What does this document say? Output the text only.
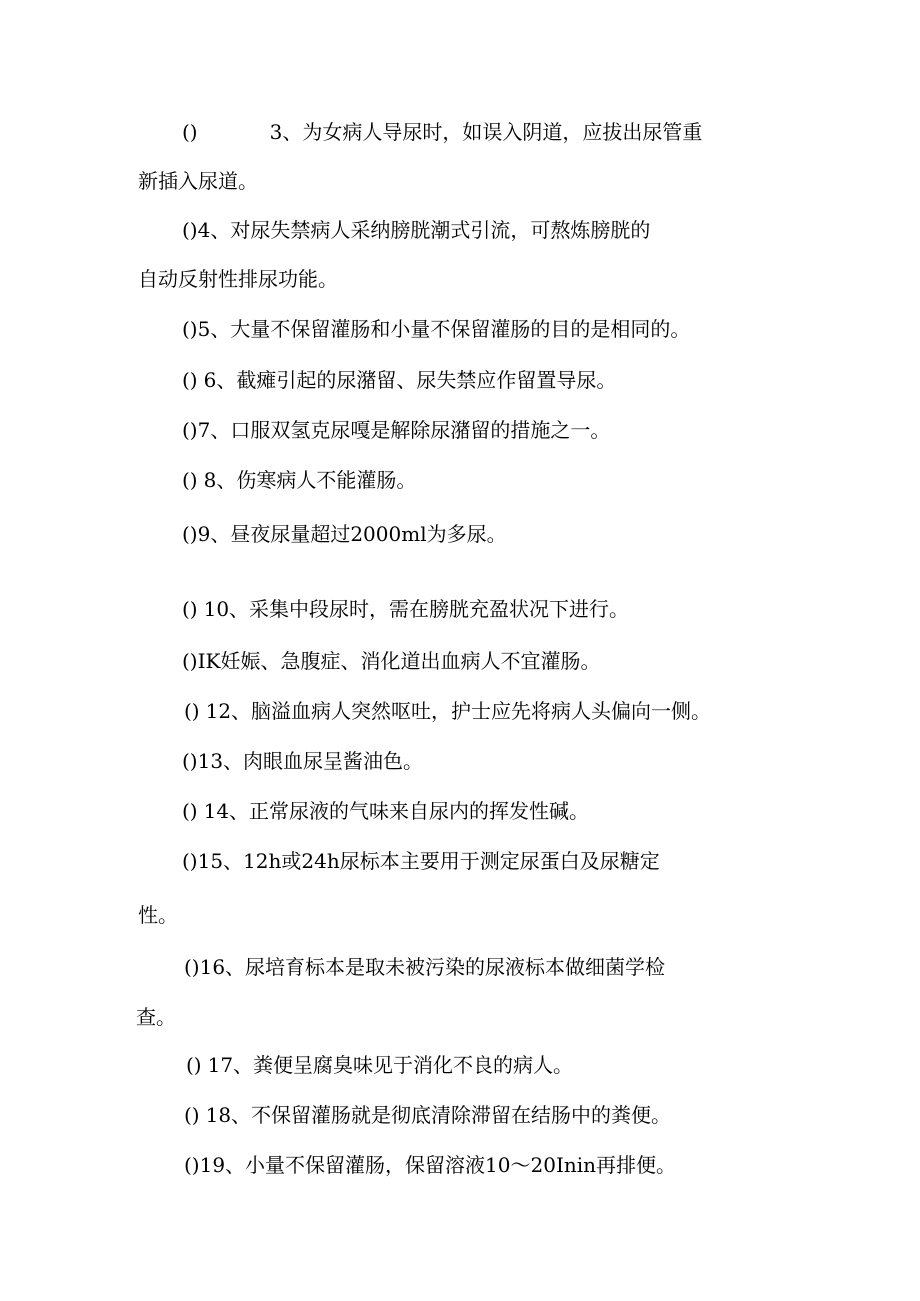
()	3、为女病人导尿时，如误入阴道，应拔出尿管重
新插入尿道。
()4、对尿失禁病人采纳膀胱潮式引流，可熬炼膀胱的
自动反射性排尿功能。
()5、大量不保留灌肠和小量不保留灌肠的目的是相同的。
() 6、截瘫引起的尿潴留、尿失禁应作留置导尿。
()7、口服双氢克尿嘎是解除尿潴留的措施之一。
() 8、伤寒病人不能灌肠。
()9、昼夜尿量超过2000ml为多尿。
() 10、采集中段尿时，需在膀胱充盈状况下进行。
()IK妊娠、急腹症、消化道出血病人不宜灌肠。
() 12、脑溢血病人突然呕吐，护士应先将病人头偏向一侧。
()13、肉眼血尿呈酱油色。
() 14、正常尿液的气味来自尿内的挥发性碱。
()15、12h或24h尿标本主要用于测定尿蛋白及尿糖定
性。
()16、尿培育标本是取未被污染的尿液标本做细菌学检
查。
() 17、粪便呈腐臭味见于消化不良的病人。
() 18、不保留灌肠就是彻底清除滞留在结肠中的粪便。
()19、小量不保留灌肠，保留溶液10～20Inin再排便。
